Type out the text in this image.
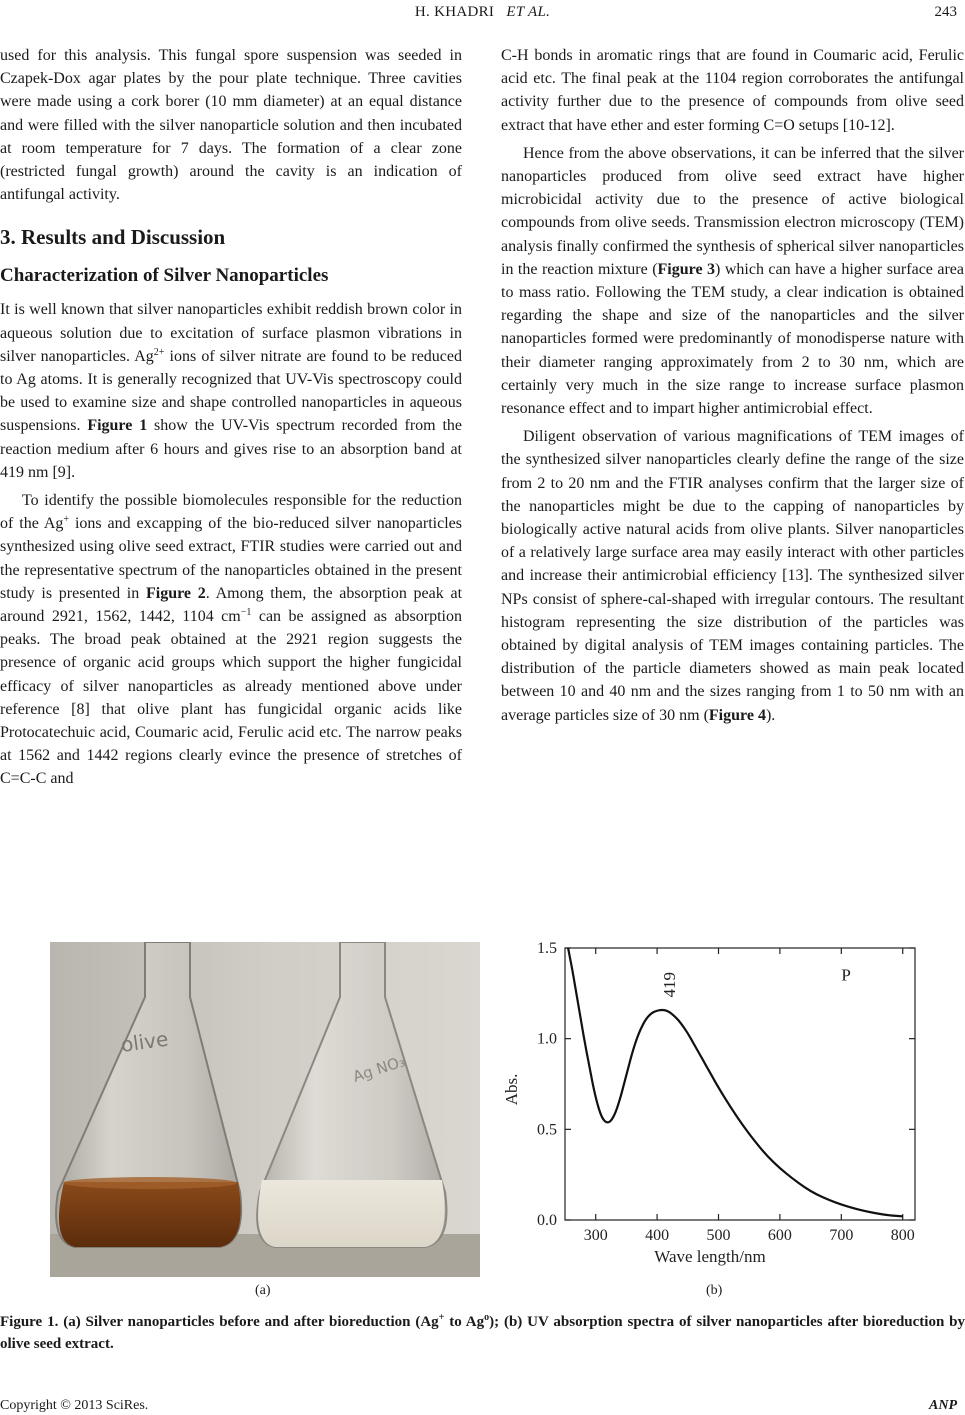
H. KHADRI ET AL.	243

used for this analysis. This fungal spore suspension was seeded in Czapek-Dox agar plates by the pour plate technique. Three cavities were made using a cork borer (10 mm diameter) at an equal distance and were filled with the silver nanoparticle solution and then incubated at room temperature for 7 days. The formation of a clear zone (restricted fungal growth) around the cavity is an indication of antifungal activity.

3. Results and Discussion
Characterization of Silver Nanoparticles

It is well known that silver nanoparticles exhibit reddish brown color in aqueous solution due to excitation of surface plasmon vibrations in silver nanoparticles. $Ag^{2+}$ ions of silver nitrate are found to be reduced to Ag atoms. It is generally recognized that UV-Vis spectroscopy could be used to examine size and shape controlled nanoparticles in aqueous suspensions. Figure 1 show the UV-Vis spectrum recorded from the reaction medium after 6 hours and gives rise to an absorption band at 419 nm [9].

To identify the possible biomolecules responsible for the reduction of the Ag+ ions and excapping of the bio-reduced silver nanoparticles synthesized using olive seed extract, FTIR studies were carried out and the representative spectrum of the nanoparticles obtained in the present study is presented in Figure 2. Among them, the absorption peak at around 2921, 1562, 1442, 1104 $cm^{-1}$ can be assigned as absorption peaks. The broad peak obtained at the 2921 region suggests the presence of organic acid groups which support the higher fungicidal efficacy of silver nanoparticles as already mentioned above under reference [8] that olive plant has fungicidal organic acids like Protocatechuic acid, Coumaric acid, Ferulic acid etc. The narrow peaks at 1562 and 1442 regions clearly evince the presence of stretches of C=C-C and

C-H bonds in aromatic rings that are found in Coumaric acid, Ferulic acid etc. The final peak at the 1104 region corroborates the antifungal activity further due to the presence of compounds from olive seed extract that have ether and ester forming C=O setups [10-12].

Hence from the above observations, it can be inferred that the silver nanoparticles produced from olive seed extract have higher microbicidal activity due to the presence of active biological compounds from olive seeds. Transmission electron microscopy (TEM) analysis finally confirmed the synthesis of spherical silver nanoparticles in the reaction mixture (Figure 3) which can have a higher surface area to mass ratio. Following the TEM study, a clear indication is obtained regarding the shape and size of the nanoparticles and the silver nanoparticles formed were predominantly of monodisperse nature with their diameter ranging approximately from 2 to 30 nm, which are certainly very much in the size range to increase surface plasmon resonance effect and to impart higher antimicrobial effect.

Diligent observation of various magnifications of TEM images of the synthesized silver nanoparticles clearly define the range of the size from 2 to 20 nm and the FTIR analyses confirm that the larger size of the nanoparticles might be due to the capping of nanoparticles by biologically active natural acids from olive plants. Silver nanoparticles of a relatively large surface area may easily interact with other particles and increase their antimicrobial efficiency [13]. The synthesized silver NPs consist of sphere-cal-shaped with irregular contours. The resultant histogram representing the size distribution of the particles was obtained by digital analysis of TEM images containing particles. The distribution of the particle diameters showed as main peak located between 10 and 40 nm and the sizes ranging from 1 to 50 nm with an average particles size of 30 nm (Figure 4).

olive
Ag NO₃
(a)
0.0
0.5
1.0
1.5
300 400 500 600 700 800
419	P
Abs.
Wave length/nm
(b)
Figure 1. (a) Silver nanoparticles before and after bioreduction (Ag+ to Ag$^o$); (b) UV absorption spectra of silver nanoparticles after bioreduction by olive seed extract.
Copyright © 2013 SciRes.	ANP
